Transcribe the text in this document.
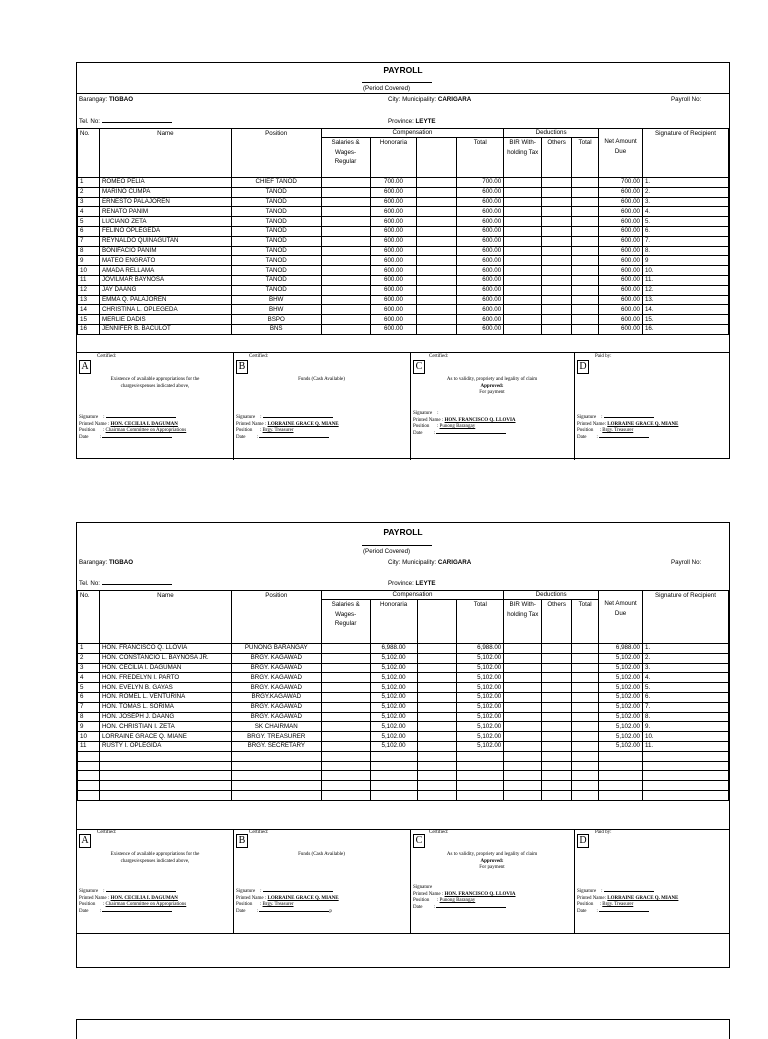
PAYROLL
(Period Covered)
Barangay: TIGBAO	City: Municipality: CARIGARA	Payroll No:
Tel. No:	Province: LEYTE
No.	Name	Position	Compensation				Deductions			Net Amount Due	Signature of Recipient
			Salaries & Wages- Regular	Honoraria		Total	BIR With- holding Tax	Others	Total		
1	ROMEO PELIA	CHIEF TANOD		700.00		700.00				700.00	1.
2	MARINO CUMPA	TANOD		600.00		600.00				600.00	2.
3	ERNESTO PALAJOREN	TANOD		600.00		600.00				600.00	3.
4	RENATO PANIM	TANOD		600.00		600.00				600.00	4.
5	LUCIANO ZETA	TANOD		600.00		600.00				600.00	5.
6	FELINO OPLEGEDA	TANOD		600.00		600.00				600.00	6.
7	REYNALDO QUINAGUTAN	TANOD		600.00		600.00				600.00	7.
8	BONIFACIO PANIM	TANOD		600.00		600.00				600.00	8.
9	MATEO ENGRATO	TANOD		600.00		600.00				600.00	9
10	AMADA RELLAMA	TANOD		600.00		600.00				600.00	10.
11	JOVILMAR BAYNOSA	TANOD		600.00		600.00				600.00	11.
12	JAY DAANG	TANOD		600.00		600.00				600.00	12.
13	EMMA Q. PALAJOREN	BHW		600.00		600.00				600.00	13.
14	CHRISTINA L. OPLEGEDA	BHW		600.00		600.00				600.00	14.
15	MERLIE DADIS	BSPO		600.00		600.00				600.00	15.
16	JENNIFER B. BACULOT	BNS		600.00		600.00				600.00	16.
A
Certified:
Existence of available appropriations for the
charges/expenses indicated above,
Signature    :
Printed Name : HON. CECILIA I. DAGUMAN
Position      : Chairman Committee on Appropriations
Date         :
B
Certified:
Funds (Cash Available)
Signature    :
Printed Name : LORRAINE GRACE Q. MIANE
Position      : Brgy. Treasurer
Date         :
C
Certified:
As to validity, propriety and legality of claim
Approved:
For payment
Signature    :
Printed Name : HON. FRANCISCO Q. LLOVIA
Position      : Punong Barangay
Date         :
D
Paid by:
Signature    :
Printed Name: LORRAINE GRACE Q. MIANE
Position     : Brgy. Treasurer
Date        :
PAYROLL
(Period Covered)
Barangay: TIGBAO	City: Municipality: CARIGARA	Payroll No:
Tel. No:	Province: LEYTE
No.	Name	Position	Compensation				Deductions			Net Amount Due	Signature of Recipient
			Salaries & Wages- Regular	Honoraria		Total	BIR With- holding Tax	Others	Total		
1	HON. FRANCISCO Q. LLOVIA	PUNONG BARANGAY		6,988.00		6,988.00				6,988.00	1.
2	HON. CONSTANCIO L. BAYNOSA JR.	BRGY. KAGAWAD		5,102.00		5,102.00				5,102.00	2.
3	HON. CECILIA I. DAGUMAN	BRGY. KAGAWAD		5,102.00		5,102.00				5,102.00	3.
4	HON. FREDELYN I. PARTO	BRGY. KAGAWAD		5,102.00		5,102.00				5,102.00	4.
5	HON. EVELYN B. GAYAS	BRGY. KAGAWAD		5,102.00		5,102.00				5,102.00	5.
6	HON. ROMEL L. VENTURINA	BRGY.KAGAWAD		5,102.00		5,102.00				5,102.00	6.
7	HON. TOMAS L. SORIMA	BRGY. KAGAWAD		5,102.00		5,102.00				5,102.00	7.
8	HON. JOSEPH J. DAANG	BRGY. KAGAWAD		5,102.00		5,102.00				5,102.00	8.
9	HON. CHRISTIAN I. ZETA	SK CHAIRMAN		5,102.00		5,102.00				5,102.00	9.
10	LORRAINE GRACE Q. MIANE	BRGY. TREASURER		5,102.00		5,102.00				5,102.00	10.
11	RUSTY I. OPLEGIDA	BRGY. SECRETARY		5,102.00		5,102.00				5,102.00	11.

A
Certified:
Existence of available appropriations for the
charges/expenses indicated above,
Signature    :
Printed Name : HON. CECILIA I. DAGUMAN
Position      : Chairman Committee on Appropriations
Date         :
B
Certified:
Funds (Cash Available)
Signature    :
Printed Name : LORRAINE GRACE Q. MIANE
Position      : Brgy. Treasurer
Date         :	p
C
Certified:
As to validity, propriety and legality of claim
Approved:
For payment
Signature
Printed Name : HON. FRANCISCO Q. LLOVIA
Position      : Punong Barangay
Date         :
D
Paid by:
Signature    :
Printed Name: LORRAINE GRACE Q. MIANE
Position     : Brgy. Treasurer
Date        :
